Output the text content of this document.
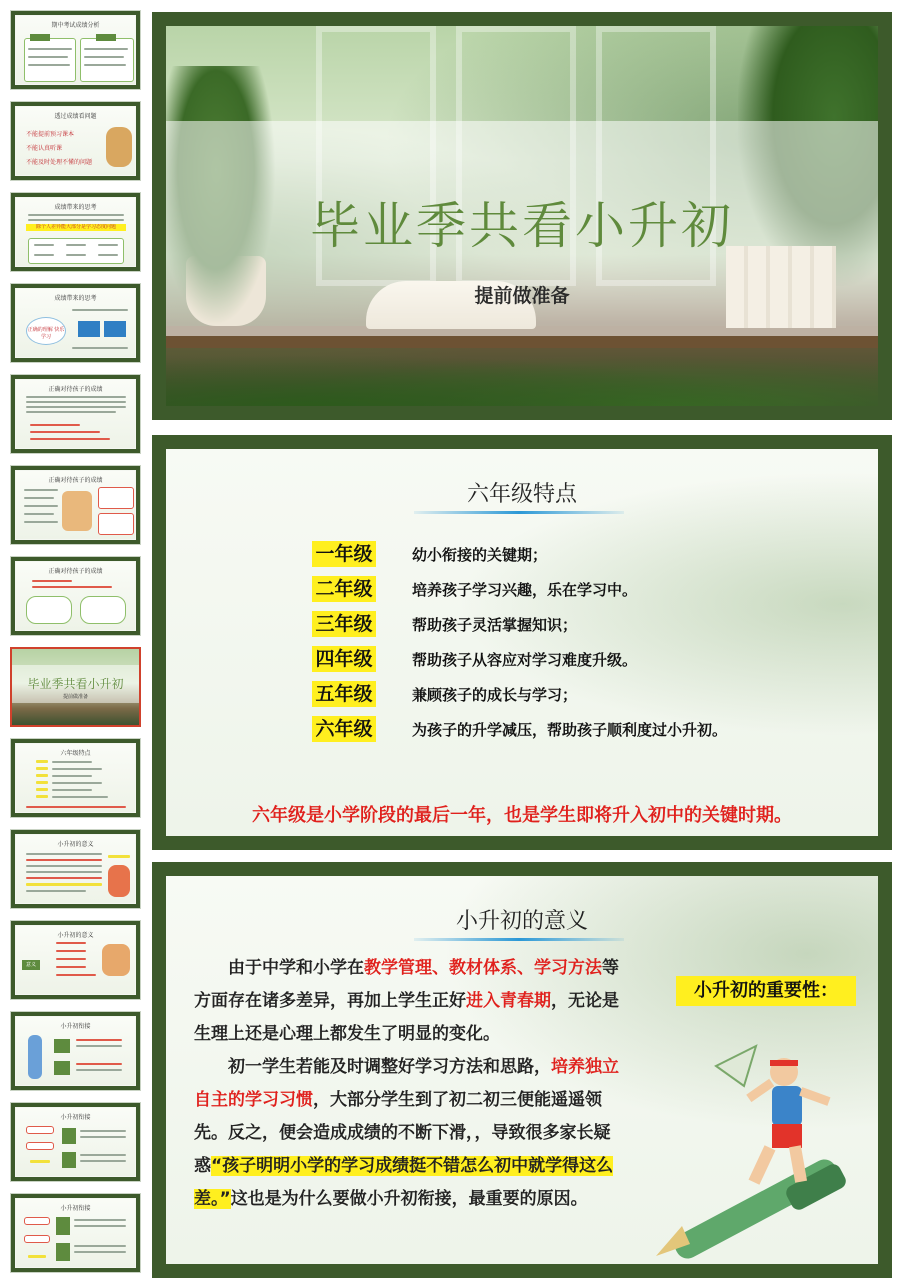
期中考试成绩分析
透过成绩看问题
不能提前预习课本
不能认真听课
不能及时处理不懂的问题
成绩带来的思考
除个人差异能大部分是学习态度问题
成绩带来的思考
正确的理解 快乐学习
正确对待孩子的成绩
正确对待孩子的成绩
正确对待孩子的成绩
毕业季共看小升初
提前做准备
六年级特点
小升初的意义
小升初的意义
意义
小升初衔接
小升初衔接
小升初衔接
毕业季共看小升初
提前做准备
六年级特点
一年级	幼小衔接的关键期；
二年级	培养孩子学习兴趣，乐在学习中。
三年级	帮助孩子灵活掌握知识；
四年级	帮助孩子从容应对学习难度升级。
五年级	兼顾孩子的成长与学习；
六年级	为孩子的升学减压，帮助孩子顺利度过小升初。
六年级是小学阶段的最后一年，也是学生即将升入初中的关键时期。
小升初的意义
由于中学和小学在教学管理、教材体系、学习方法等方面存在诸多差异，再加上学生正好进入青春期，无论是生理上还是心理上都发生了明显的变化。
初一学生若能及时调整好学习方法和思路，培养独立自主的学习习惯，大部分学生到了初二初三便能遥遥领先。反之，便会造成成绩的不断下滑，，导致很多家长疑惑“孩子明明小学的学习成绩挺不错怎么初中就学得这么差。”这也是为什么要做小升初衔接，最重要的原因。
小升初的重要性：
